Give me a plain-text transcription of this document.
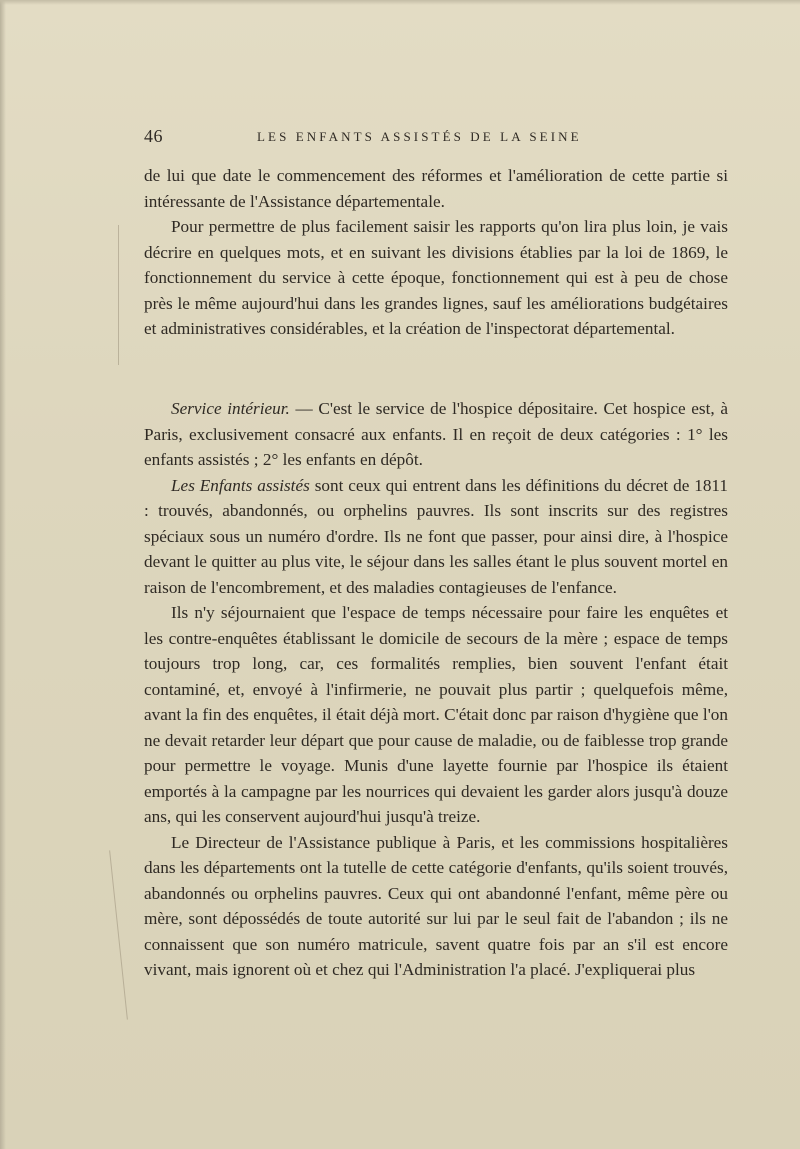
46	LES ENFANTS ASSISTÉS DE LA SEINE

de lui que date le commencement des réformes et l'amélioration de cette partie si intéressante de l'Assistance départementale.

Pour permettre de plus facilement saisir les rapports qu'on lira plus loin, je vais décrire en quelques mots, et en suivant les divisions établies par la loi de 1869, le fonctionnement du service à cette époque, fonctionnement qui est à peu de chose près le même aujourd'hui dans les grandes lignes, sauf les améliorations budgétaires et administratives considérables, et la création de l'inspectorat départemental.

Service intérieur. — C'est le service de l'hospice dépositaire. Cet hospice est, à Paris, exclusivement consacré aux enfants. Il en reçoit de deux catégories : 1° les enfants assistés ; 2° les enfants en dépôt.

Les Enfants assistés sont ceux qui entrent dans les définitions du décret de 1811 : trouvés, abandonnés, ou orphelins pauvres. Ils sont inscrits sur des registres spéciaux sous un numéro d'ordre. Ils ne font que passer, pour ainsi dire, à l'hospice devant le quitter au plus vite, le séjour dans les salles étant le plus souvent mortel en raison de l'encombrement, et des maladies contagieuses de l'enfance.

Ils n'y séjournaient que l'espace de temps nécessaire pour faire les enquêtes et les contre-enquêtes établissant le domicile de secours de la mère ; espace de temps toujours trop long, car, ces formalités remplies, bien souvent l'enfant était contaminé, et, envoyé à l'infirmerie, ne pouvait plus partir ; quelquefois même, avant la fin des enquêtes, il était déjà mort. C'était donc par raison d'hygiène que l'on ne devait retarder leur départ que pour cause de maladie, ou de faiblesse trop grande pour permettre le voyage. Munis d'une layette fournie par l'hospice ils étaient emportés à la campagne par les nourrices qui devaient les garder alors jusqu'à douze ans, qui les conservent aujourd'hui jusqu'à treize.

Le Directeur de l'Assistance publique à Paris, et les commissions hospitalières dans les départements ont la tutelle de cette catégorie d'enfants, qu'ils soient trouvés, abandonnés ou orphelins pauvres. Ceux qui ont abandonné l'enfant, même père ou mère, sont dépossédés de toute autorité sur lui par le seul fait de l'abandon ; ils ne connaissent que son numéro matricule, savent quatre fois par an s'il est encore vivant, mais ignorent où et chez qui l'Administration l'a placé. J'expliquerai plus
